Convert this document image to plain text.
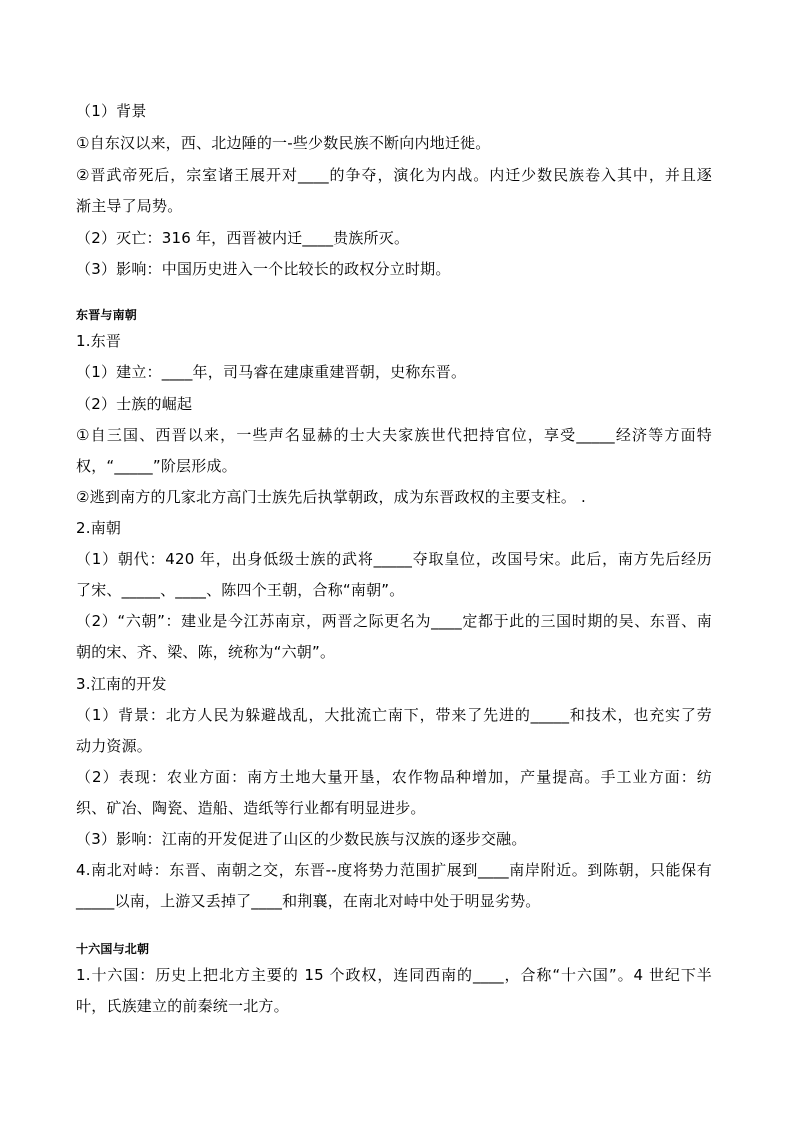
（1）背景
①自东汉以来，西、北边陲的一-些少数民族不断向内地迁徙。
②晋武帝死后，宗室诸王展开对____的争夺，演化为内战。内迁少数民族卷入其中，并且逐
渐主导了局势。
（2）灭亡：316 年，西晋被内迁____贵族所灭。
（3）影响：中国历史进入一个比较长的政权分立时期。
东晋与南朝
1.东晋
（1）建立：____年，司马睿在建康重建晋朝，史称东晋。
（2）士族的崛起
①自三国、西晋以来，一些声名显赫的士大夫家族世代把持官位，享受_____经济等方面特
权，“_____”阶层形成。
②逃到南方的几家北方高门士族先后执掌朝政，成为东晋政权的主要支柱。 .
2.南朝
（1）朝代：420 年，出身低级士族的武将_____夺取皇位，改国号宋。此后，南方先后经历
了宋、_____、____、陈四个王朝，合称“南朝”。
（2）“六朝”：建业是今江苏南京，两晋之际更名为____定都于此的三国时期的吴、东晋、南
朝的宋、齐、梁、陈，统称为“六朝”。
3.江南的开发
（1）背景：北方人民为躲避战乱，大批流亡南下，带来了先进的_____和技术，也充实了劳
动力资源。
（2）表现：农业方面：南方土地大量开垦，农作物品种增加，产量提高。手工业方面：纺
织、矿冶、陶瓷、造船、造纸等行业都有明显进步。
（3）影响：江南的开发促进了山区的少数民族与汉族的逐步交融。
4.南北对峙：东晋、南朝之交，东晋--度将势力范围扩展到____南岸附近。到陈朝，只能保有
_____以南，上游又丢掉了____和荆襄，在南北对峙中处于明显劣势。
十六国与北朝
1.十六国：历史上把北方主要的 15 个政权，连同西南的____，合称“十六国”。4 世纪下半
叶，氏族建立的前秦统一北方。
